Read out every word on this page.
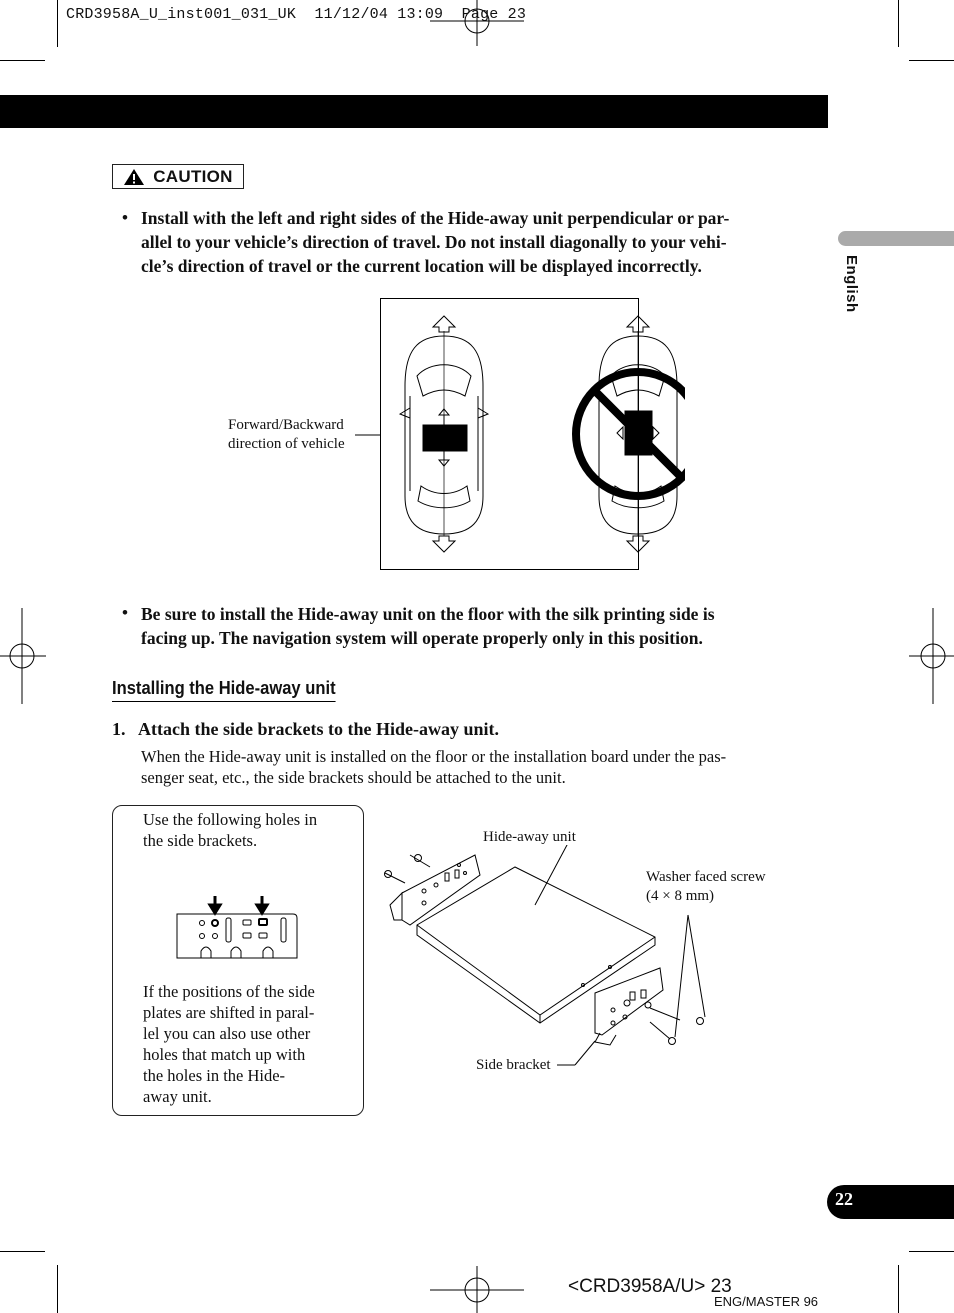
CRD3958A_U_inst001_031_UK  11/12/04 13:09  Page 23
CAUTION
• Install with the left and right sides of the Hide-away unit perpendicular or par-
allel to your vehicle’s direction of travel. Do not install diagonally to your vehi-
cle’s direction of travel or the current location will be displayed incorrectly.	English
Forward/Backward
direction of vehicle
• Be sure to install the Hide-away unit on the floor with the silk printing side is
facing up. The navigation system will operate properly only in this position.
Installing the Hide-away unit
1.   Attach the side brackets to the Hide-away unit.
When the Hide-away unit is installed on the floor or the installation board under the pas-
senger seat, etc., the side brackets should be attached to the unit.
Use the following holes in
the side brackets.
If the positions of the side
plates are shifted in paral-
lel you can also use other
holes that match up with
the holes in the Hide-
away unit.
Hide-away unit
Washer faced screw
(4 × 8 mm)
Side bracket
22
<CRD3958A/U> 23
ENG/MASTER 96
